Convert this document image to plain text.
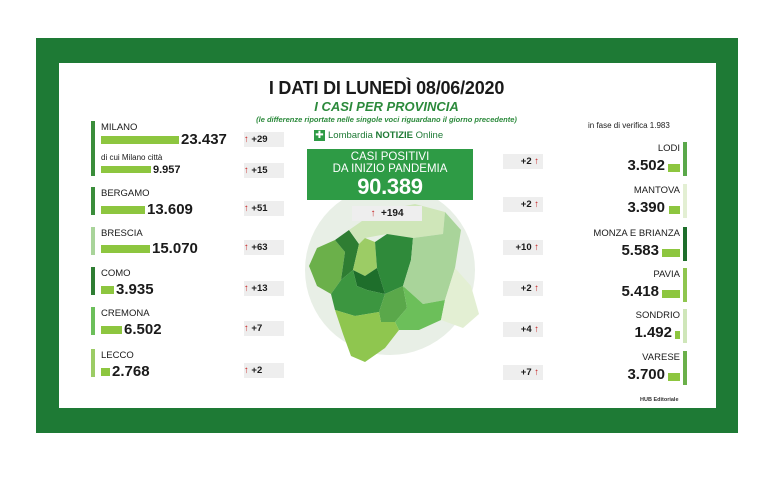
I DATI DI LUNEDÌ 08/06/2020
I CASI PER PROVINCIA
(le differenze riportate nelle singole voci riguardano il giorno precedente)
MILANO
23.437
di cui Milano città
9.957
BERGAMO
13.609
BRESCIA
15.070
COMO
3.935
CREMONA
6.502
LECCO
2.768
↑ +29
↑ +15
↑ +51
↑ +63
↑ +13
↑ +7
↑ +2
✚ Lombardia NOTIZIE Online
CASI POSITIVI
DA INIZIO PANDEMIA
90.389
↑ +194
+2 ↑
+2 ↑
+10 ↑
+2 ↑
+4 ↑
+7 ↑
in fase di verifica 1.983
LODI
3.502
MANTOVA
3.390
MONZA E BRIANZA
5.583
PAVIA
5.418
SONDRIO
1.492
VARESE
3.700
HUB Editoriale
